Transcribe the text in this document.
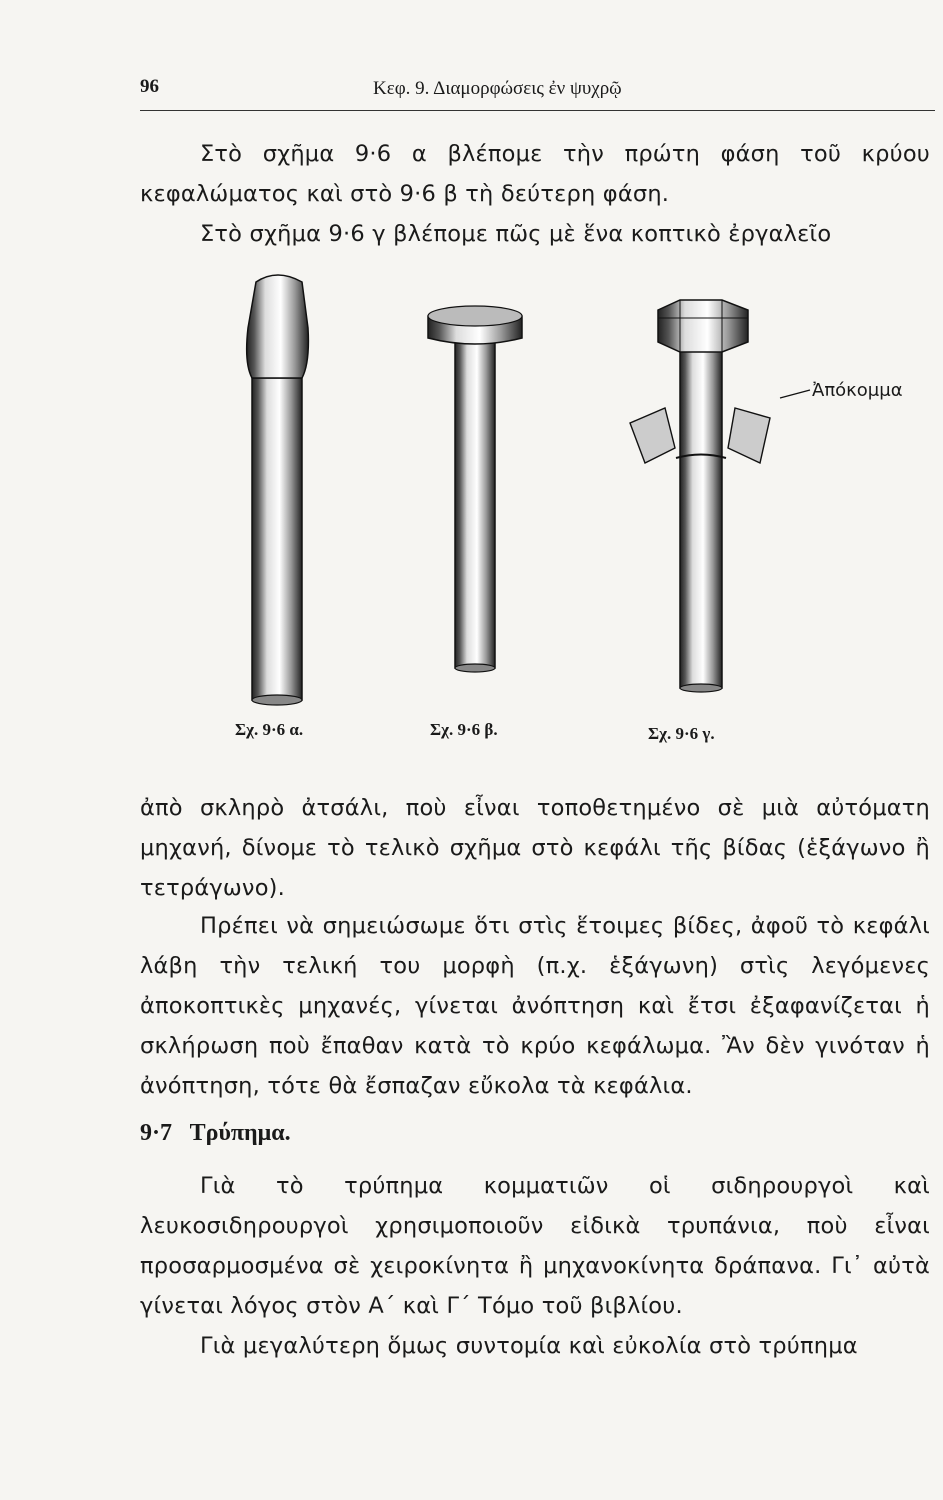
96	Κεφ. 9. Διαμορφώσεις ἐν ψυχρῷ
Στὸ σχῆμα 9·6 α βλέπομε τὴν πρώτη φάση τοῦ κρύου κεφαλώματος καὶ στὸ 9·6 β τὴ δεύτερη φάση.
Στὸ σχῆμα 9·6 γ βλέπομε πῶς μὲ ἕνα κοπτικὸ ἐργαλεῖο
Ἀπόκομμα
Σχ. 9·6 α.	Σχ. 9·6 β.	Σχ. 9·6 γ.
ἀπὸ σκληρὸ ἀτσάλι, ποὺ εἶναι τοποθετημένο σὲ μιὰ αὐτόματη μηχανή, δίνομε τὸ τελικὸ σχῆμα στὸ κεφάλι τῆς βίδας (ἑξάγωνο ἢ τετράγωνο).
Πρέπει νὰ σημειώσωμε ὅτι στὶς ἕτοιμες βίδες, ἀφοῦ τὸ κεφάλι λάβη τὴν τελική του μορφὴ (π.χ. ἑξάγωνη) στὶς λεγόμενες ἀποκοπτικὲς μηχανές, γίνεται ἀνόπτηση καὶ ἔτσι ἐξαφανίζεται ἡ σκλήρωση ποὺ ἔπαθαν κατὰ τὸ κρύο κεφάλωμα. Ἂν δὲν γινόταν ἡ ἀνόπτηση, τότε θὰ ἔσπαζαν εὔκολα τὰ κεφάλια.
9·7 Τρύπημα.
Γιὰ τὸ τρύπημα κομματιῶν οἱ σιδηρουργοὶ καὶ λευκοσιδηρουργοὶ χρησιμοποιοῦν εἰδικὰ τρυπάνια, ποὺ εἶναι προσαρμοσμένα σὲ χειροκίνητα ἢ μηχανοκίνητα δράπανα. Γι᾽ αὐτὰ γίνεται λόγος στὸν Α΄ καὶ Γ΄ Τόμο τοῦ βιβλίου.
Γιὰ μεγαλύτερη ὅμως συντομία καὶ εὐκολία στὸ τρύπημα
